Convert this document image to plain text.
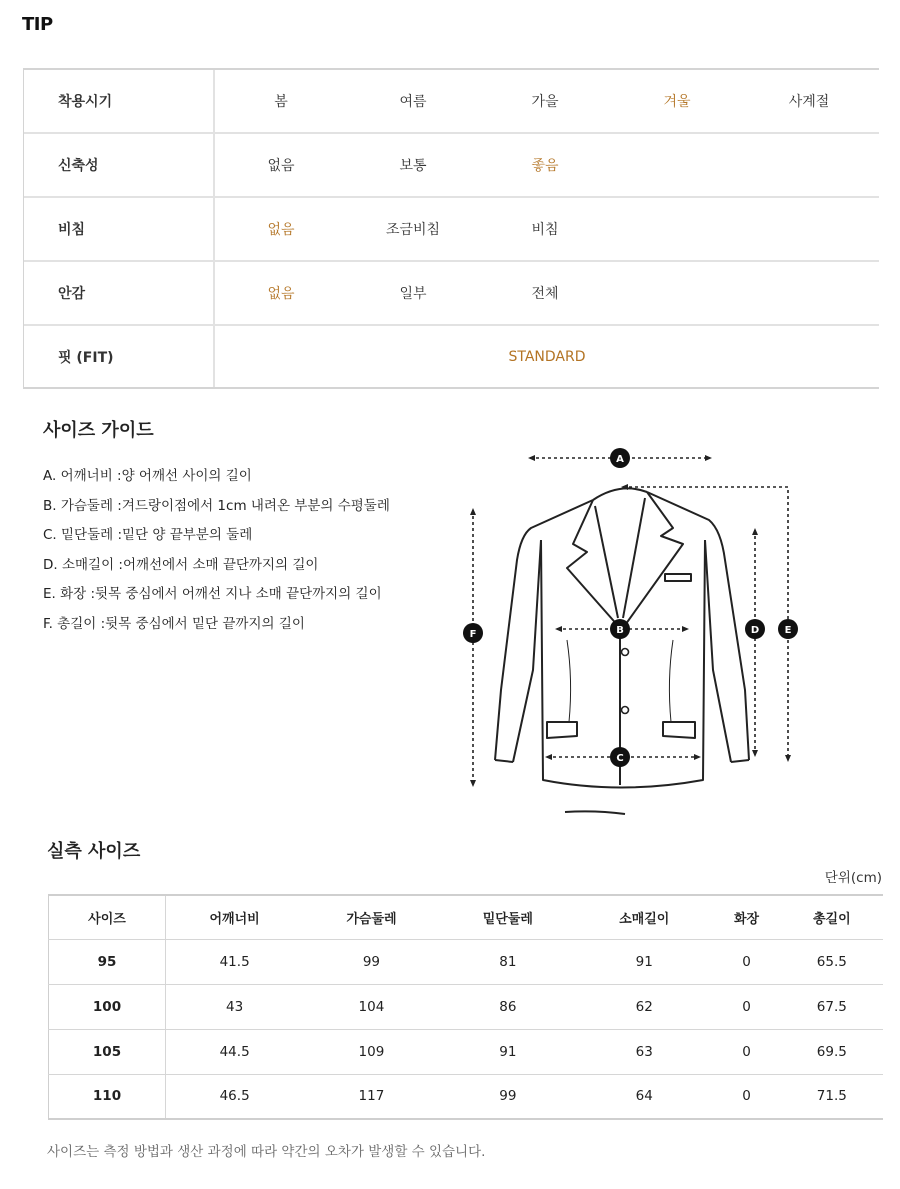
TIP
착용시기	봄	여름	가을	겨울	사계절
신축성	없음	보통	좋음
비침	없음	조금비침	비침
안감	없음	일부	전체
핏 (FIT)	STANDARD
사이즈 가이드
A. 어깨너비 :양 어깨선 사이의 길이
B. 가슴둘레 :겨드랑이점에서 1cm 내려온 부분의 수평둘레
C. 밑단둘레 :밑단 양 끝부분의 둘레
D. 소매길이 :어깨선에서 소매 끝단까지의 길이
E. 화장 :뒷목 중심에서 어깨선 지나 소매 끝단까지의 길이
F. 총길이 :뒷목 중심에서 밑단 끝까지의 길이
A
B
C
D	E
F
실측 사이즈
단위(cm)
사이즈	어깨너비	가슴둘레	밑단둘레	소매길이	화장	총길이
95	41.5	99	81	91	0	65.5
100	43	104	86	62	0	67.5
105	44.5	109	91	63	0	69.5
110	46.5	117	99	64	0	71.5
사이즈는 측정 방법과 생산 과정에 따라 약간의 오차가 발생할 수 있습니다.
